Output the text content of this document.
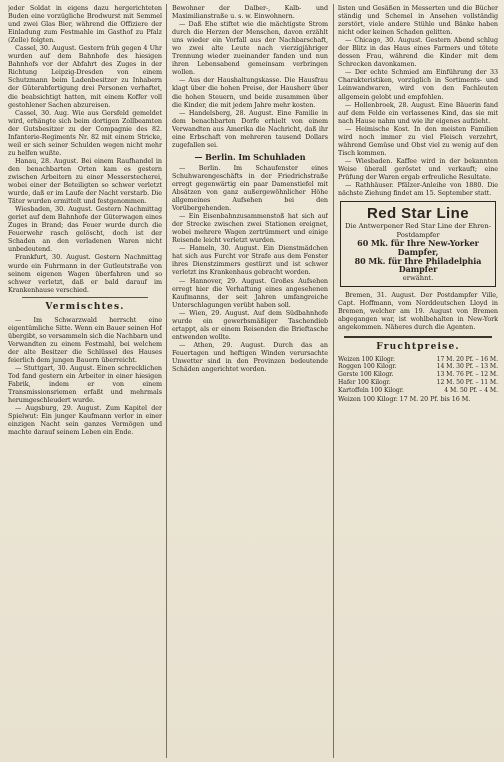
jeder Soldat in eigens dazu hergerichteten Buden eine vorzügliche Brodwurst mit Semmel und zwei Glas Bier, während die Offiziere der Einladung zum Festmahle im Gasthof zu Pfalz (Zelle) folgten.

Cassel, 30. August. Gestern früh gegen 4 Uhr wurden auf dem Bahnhofe des hiesigen Bahnhofs vor der Abfahrt des Zuges in der Richtung Leipzig-Dresden von einem Schutzmann beim Ladenbesitzer zu Inhabern der Güterabfertigung drei Personen verhaftet, die beabsichtigt hatten, mit einem Koffer voll gestohlener Sachen abzureisen.

Cassel, 30. Aug. Wie aus Gersfeld gemeldet wird, erhängte sich beim dortigen Zollbeamten der Gutsbesitzer zu der Compagnie des 82. Infanterie-Regiments Nr. 82 mit einem Stricke, weil er sich seiner Schulden wegen nicht mehr zu helfen wußte.

Hanau, 28. August. Bei einem Raufhandel in den benachbarten Orten kam es gestern zwischen Arbeitern zu einer Messerstecherei, wobei einer der Beteiligten so schwer verletzt wurde, daß er im Laufe der Nacht verstarb. Die Täter wurden ermittelt und festgenommen.

Wiesbaden, 30. August. Gestern Nachmittag geriet auf dem Bahnhofe der Güterwagen eines Zuges in Brand; das Feuer wurde durch die Feuerwehr rasch gelöscht, doch ist der Schaden an den verladenen Waren nicht unbedeutend.

Frankfurt, 30. August. Gestern Nachmittag wurde ein Fuhrmann in der Gutleutstraße von seinem eigenen Wagen überfahren und so schwer verletzt, daß er bald darauf im Krankenhause verschied.

Vermischtes.

— Im Schwarzwald herrscht eine eigentümliche Sitte. Wenn ein Bauer seinen Hof übergibt, so versammeln sich die Nachbarn und Verwandten zu einem Festmahl, bei welchem der alte Besitzer die Schlüssel des Hauses feierlich dem jungen Bauern überreicht.

— Stuttgart, 30. August. Einen schrecklichen Tod fand gestern ein Arbeiter in einer hiesigen Fabrik, indem er von einem Transmissionsriemen erfaßt und mehrmals herumgeschleudert wurde.

— Augsburg, 29. August. Zum Kapitel der Spielwut: Ein junger Kaufmann verlor in einer einzigen Nacht sein ganzes Vermögen und machte darauf seinem Leben ein Ende.

Bewohner der Dalber-, Kalb- und Maximilianstraße u. s. w. Einwohnern.

— Daß Ehe stiftet wie die mächtigste Strom durch die Herzen der Menschen, davon erzählt uns wieder ein Vorfall aus der Nachbarschaft, wo zwei alte Leute nach vierzigjähriger Trennung wieder zueinander fanden und nun ihren Lebensabend gemeinsam verbringen wollen.

— Aus der Haushaltungskasse. Die Hausfrau klagt über die hohen Preise, der Hausherr über die hohen Steuern, und beide zusammen über die Kinder, die mit jedem Jahre mehr kosten.

— Handelsberg, 28. August. Eine Familie in dem benachbarten Dorfe erhielt von einem Verwandten aus Amerika die Nachricht, daß ihr eine Erbschaft von mehreren tausend Dollars zugefallen sei.

— Berlin. Im Schuhladen

— Berlin. Im Schaufenster eines Schuhwarengeschäfts in der Friedrichstraße erregt gegenwärtig ein paar Damenstiefel mit Absätzen von ganz außergewöhnlicher Höhe allgemeines Aufsehen bei den Vorübergehenden.

— Ein Eisenbahnzusammenstoß hat sich auf der Strecke zwischen zwei Stationen ereignet, wobei mehrere Wagen zertrümmert und einige Reisende leicht verletzt wurden.

— Hameln, 30. August. Ein Dienstmädchen hat sich aus Furcht vor Strafe aus dem Fenster ihres Dienstzimmers gestürzt und ist schwer verletzt ins Krankenhaus gebracht worden.

— Hannover, 29. August. Großes Aufsehen erregt hier die Verhaftung eines angesehenen Kaufmanns, der seit Jahren umfangreiche Unterschlagungen verübt haben soll.

— Wien, 29. August. Auf dem Südbahnhofe wurde ein gewerbsmäßiger Taschendieb ertappt, als er einem Reisenden die Brieftasche entwenden wollte.

— Athen, 29. August. Durch das an Feuertagen und heftigen Winden verursachte Unwetter sind in den Provinzen bedeutende Schäden angerichtet worden.

listen und Gesäßen in Messerten und die Bücher ständig und Schemel in Ansehen vollständig zerstört, viele andere Stühle und Bänke haben nicht oder keinen Schaden gelitten.

— Chicago, 30. August. Gestern Abend schlug der Blitz in das Haus eines Farmers und tötete dessen Frau, während die Kinder mit dem Schrecken davonkamen.

— Der echte Schmied am Einführung der 33 Charakteristiken, vorzüglich in Sortiments- und Leinwandwaren, wird von den Fachleuten allgemein gelobt und empfohlen.

— Hollenbroek, 28. August. Eine Bäuerin fand auf dem Felde ein verlassenes Kind, das sie mit nach Hause nahm und wie ihr eigenes aufzieht.

— Heimische Kost. In den meisten Familien wird noch immer zu viel Fleisch verzehrt, während Gemüse und Obst viel zu wenig auf den Tisch kommen.

— Wiesbaden. Kaffee wird in der bekannten Weise überall geröstet und verkauft; eine Prüfung der Waren ergab erfreuliche Resultate.

— Rathhäuser. Pfälzer-Anleihe von 1880. Die nächste Ziehung findet am 15. September statt.

Red Star Line
Die Antwerpener Red Star Line der Ehren-Postdampfer
60 Mk. für Ihre New-Yorker Dampfer,
80 Mk. für Ihre Philadelphia Dampfer
erwähnt.

Bremen, 31. August. Der Postdampfer Ville, Capt. Hoffmann, vom Norddeutschen Lloyd in Bremen, welcher am 19. August von Bremen abgegangen war, ist wohlbehalten in New-York angekommen. Näheres durch die Agenten.

Fruchtpreise.
Weizen 100 Kilogr.	17 M. 20 Pf. – 16 M.
Roggen 100 Kilogr.	14 M. 30 Pf. – 13 M.
Gerste 100 Kilogr.	13 M. 76 Pf. – 12 M.
Hafer 100 Kilogr.	12 M. 50 Pf. – 11 M.
Kartoffeln 100 Kilogr.	4 M. 50 Pf. – 4 M.

Weizen 100 Kilogr. 17 M. 20 Pf. bis 16 M.
